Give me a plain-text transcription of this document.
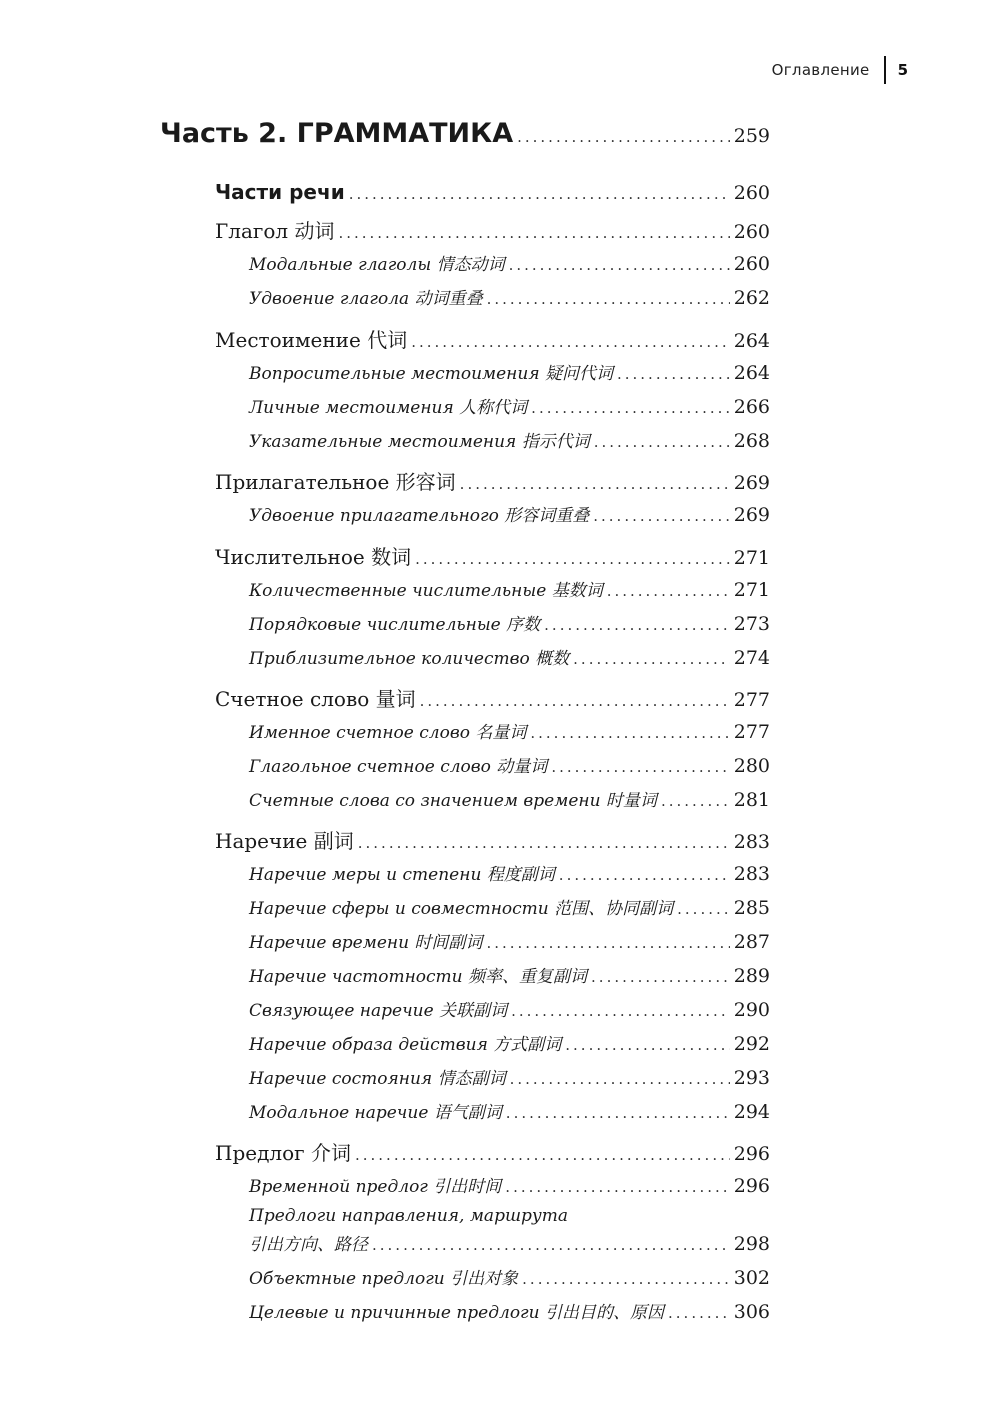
Оглавление	5
Часть 2. ГРАММАТИКА .....	259
Части речи .....	260
Глагол 动词 .....	260
Модальные глаголы 情态动词 .....	260
Удвоение глагола 动词重叠 .....	262
Местоимение 代词 .....	264
Вопросительные местоимения 疑问代词 .....	264
Личные местоимения 人称代词 .....	266
Указательные местоимения 指示代词 .....	268
Прилагательное 形容词 .....	269
Удвоение прилагательного 形容词重叠 .....	269
Числительное 数词 .....	271
Количественные числительные 基数词 .....	271
Порядковые числительные 序数 .....	273
Приблизительное количество 概数 .....	274
Счетное слово 量词 .....	277
Именное счетное слово 名量词 .....	277
Глагольное счетное слово 动量词 .....	280
Счетные слова со значением времени 时量词 .....	281
Наречие 副词 .....	283
Наречие меры и степени 程度副词 .....	283
Наречие сферы и совместности 范围、协同副词 .....	285
Наречие времени 时间副词 .....	287
Наречие частотности 频率、重复副词 .....	289
Связующее наречие 关联副词 .....	290
Наречие образа действия 方式副词 .....	292
Наречие состояния 情态副词 .....	293
Модальное наречие 语气副词 .....	294
Предлог 介词 .....	296
Временной предлог 引出时间 .....	296
Предлоги направления, маршрута
引出方向、路径 .....	298
Объектные предлоги 引出对象 .....	302
Целевые и причинные предлоги 引出目的、原因 .....	306
